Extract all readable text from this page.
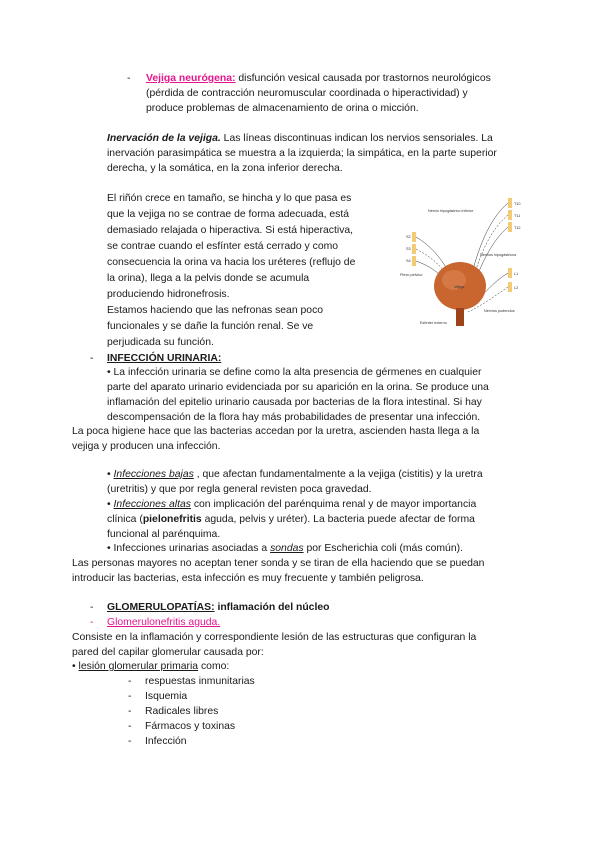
- Vejiga neurógena: disfunción vesical causada por trastornos neurológicos
(pérdida de contracción neuromuscular coordinada o hiperactividad) y
produce problemas de almacenamiento de orina o micción.
Inervación de la vejiga. Las líneas discontinuas indican los nervios sensoriales. La
inervación parasimpática se muestra a la izquierda; la simpática, en la parte superior
derecha, y la somática, en la zona inferior derecha.
El riñón crece en tamaño, se hincha y lo que pasa es
que la vejiga no se contrae de forma adecuada, está
demasiado relajada o hiperactiva. Si está hiperactiva,
se contrae cuando el esfínter está cerrado y como
consecuencia la orina va hacia los uréteres (reflujo de
la orina), llega a la pelvis donde se acumula
produciendo hidronefrosis.
Estamos haciendo que las nefronas sean poco
funcionales y se dañe la función renal. Se ve
perjudicada su función.
Nervio hipogástrico inferior
S2
S3
S4
T10
T11
T12
L1
L2
Plexo pélvico
Nervios hipogástricos
Vejiga
Nervios pudendos
Esfínter externo
- INFECCIÓN URINARIA:
• La infección urinaria se define como la alta presencia de gérmenes en cualquier
parte del aparato urinario evidenciada por su aparición en la orina. Se produce una
inflamación del epitelio urinario causada por bacterias de la flora intestinal. Si hay
descompensación de la flora hay más probabilidades de presentar una infección.
La poca higiene hace que las bacterias accedan por la uretra, ascienden hasta llega a la
vejiga y producen una infección.
• Infecciones bajas , que afectan fundamentalmente a la vejiga (cistitis) y la uretra
(uretritis) y que por regla general revisten poca gravedad.
• Infecciones altas con implicación del parénquima renal y de mayor importancia
clínica (pielonefritis aguda, pelvis y uréter). La bacteria puede afectar de forma
funcional al parénquima.
• Infecciones urinarias asociadas a sondas por Escherichia coli (más común).
Las personas mayores no aceptan tener sonda y se tiran de ella haciendo que se puedan
introducir las bacterias, esta infección es muy frecuente y también peligrosa.
- GLOMERULOPATÍAS: inflamación del núcleo
- Glomerulonefritis aguda.
Consiste en la inflamación y correspondiente lesión de las estructuras que configuran la
pared del capilar glomerular causada por:
• lesión glomerular primaria como:
- respuestas inmunitarias
- Isquemia
- Radicales libres
- Fármacos y toxinas
- Infección
